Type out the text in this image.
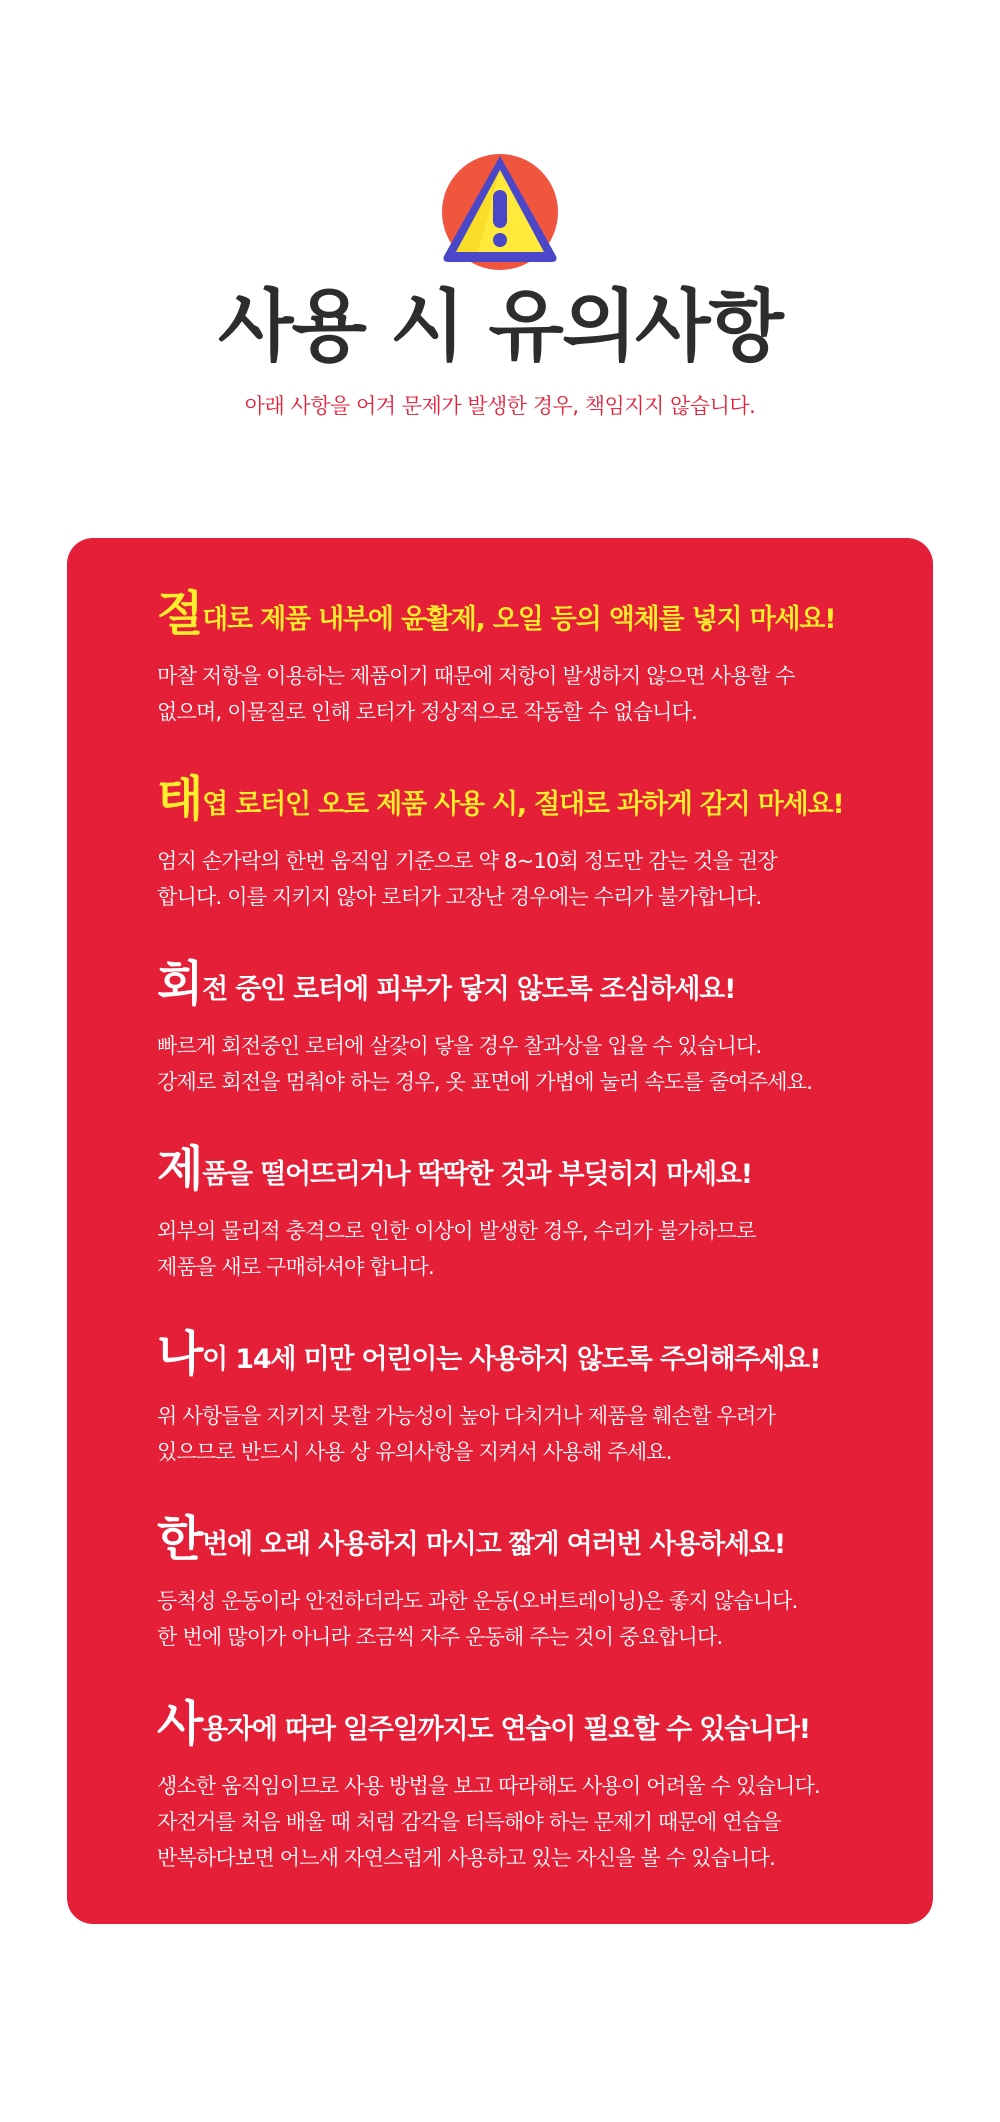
사용 시 유의사항
아래 사항을 어겨 문제가 발생한 경우, 책임지지 않습니다.

절대로 제품 내부에 윤활제, 오일 등의 액체를 넣지 마세요!

마찰 저항을 이용하는 제품이기 때문에 저항이 발생하지 않으면 사용할 수
없으며, 이물질로 인해 로터가 정상적으로 작동할 수 없습니다.

태엽 로터인 오토 제품 사용 시, 절대로 과하게 감지 마세요!

엄지 손가락의 한번 움직임 기준으로 약 8~10회 정도만 감는 것을 권장
합니다. 이를 지키지 않아 로터가 고장난 경우에는 수리가 불가합니다.

회전 중인 로터에 피부가 닿지 않도록 조심하세요!

빠르게 회전중인 로터에 살갗이 닿을 경우 찰과상을 입을 수 있습니다.
강제로 회전을 멈춰야 하는 경우, 옷 표면에 가볍에 눌러 속도를 줄여주세요.

제품을 떨어뜨리거나 딱딱한 것과 부딪히지 마세요!

외부의 물리적 충격으로 인한 이상이 발생한 경우, 수리가 불가하므로
제품을 새로 구매하셔야 합니다.

나이 14세 미만 어린이는 사용하지 않도록 주의해주세요!

위 사항들을 지키지 못할 가능성이 높아 다치거나 제품을 훼손할 우려가
있으므로 반드시 사용 상 유의사항을 지켜서 사용해 주세요.

한번에 오래 사용하지 마시고 짧게 여러번 사용하세요!

등척성 운동이라 안전하더라도 과한 운동(오버트레이닝)은 좋지 않습니다.
한 번에 많이가 아니라 조금씩 자주 운동해 주는 것이 중요합니다.

사용자에 따라 일주일까지도 연습이 필요할 수 있습니다!

생소한 움직임이므로 사용 방법을 보고 따라해도 사용이 어려울 수 있습니다.
자전거를 처음 배울 때 처럼 감각을 터득해야 하는 문제기 때문에 연습을
반복하다보면 어느새 자연스럽게 사용하고 있는 자신을 볼 수 있습니다.
